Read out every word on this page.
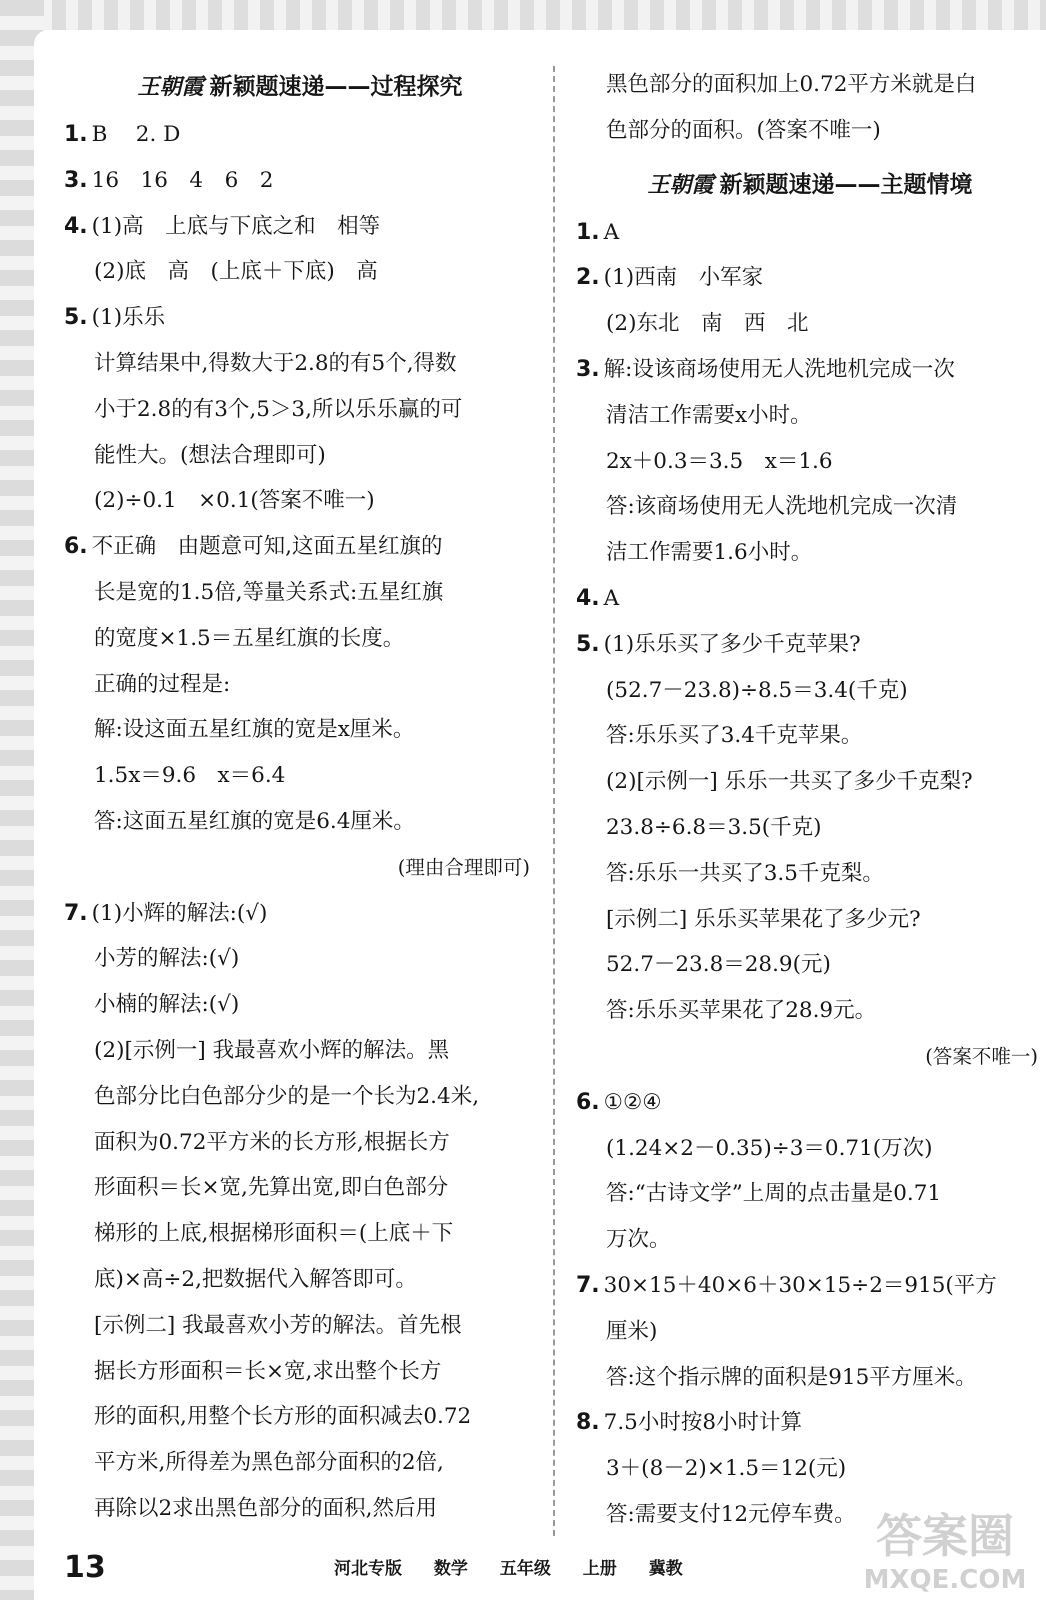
王朝霞 新颖题速递——过程探究
1. B　 2. D
3. 16　16　4　6　2
4. (1)高　上底与下底之和　相等
(2)底　高　(上底＋下底)　高
5. (1)乐乐
计算结果中,得数大于2.8的有5个,得数
小于2.8的有3个,5＞3,所以乐乐赢的可
能性大。(想法合理即可)
(2)÷0.1　×0.1(答案不唯一)
6. 不正确　由题意可知,这面五星红旗的
长是宽的1.5倍,等量关系式:五星红旗
的宽度×1.5＝五星红旗的长度。
正确的过程是:
解:设这面五星红旗的宽是x厘米。
1.5x＝9.6　x＝6.4
答:这面五星红旗的宽是6.4厘米。
(理由合理即可)
7. (1)小辉的解法:(√)
小芳的解法:(√)
小楠的解法:(√)
(2)[示例一] 我最喜欢小辉的解法。黑
色部分比白色部分少的是一个长为2.4米,
面积为0.72平方米的长方形,根据长方
形面积＝长×宽,先算出宽,即白色部分
梯形的上底,根据梯形面积＝(上底＋下
底)×高÷2,把数据代入解答即可。
[示例二] 我最喜欢小芳的解法。首先根
据长方形面积＝长×宽,求出整个长方
形的面积,用整个长方形的面积减去0.72
平方米,所得差为黑色部分面积的2倍,
再除以2求出黑色部分的面积,然后用
黑色部分的面积加上0.72平方米就是白
色部分的面积。(答案不唯一)
王朝霞 新颖题速递——主题情境
1. A
2. (1)西南　小军家
(2)东北　南　西　北
3. 解:设该商场使用无人洗地机完成一次
清洁工作需要x小时。
2x＋0.3＝3.5　x＝1.6
答:该商场使用无人洗地机完成一次清
洁工作需要1.6小时。
4. A
5. (1)乐乐买了多少千克苹果?
(52.7－23.8)÷8.5＝3.4(千克)
答:乐乐买了3.4千克苹果。
(2)[示例一] 乐乐一共买了多少千克梨?
23.8÷6.8＝3.5(千克)
答:乐乐一共买了3.5千克梨。
[示例二] 乐乐买苹果花了多少元?
52.7－23.8＝28.9(元)
答:乐乐买苹果花了28.9元。
(答案不唯一)
6. ①②④
(1.24×2－0.35)÷3＝0.71(万次)
答:“古诗文学”上周的点击量是0.71
万次。
7. 30×15＋40×6＋30×15÷2＝915(平方
厘米)
答:这个指示牌的面积是915平方厘米。
8. 7.5小时按8小时计算
3＋(8－2)×1.5＝12(元)
答:需要支付12元停车费。
13	河北专版 数学 五年级 上册 冀教
答案圈
MXQE.COM
